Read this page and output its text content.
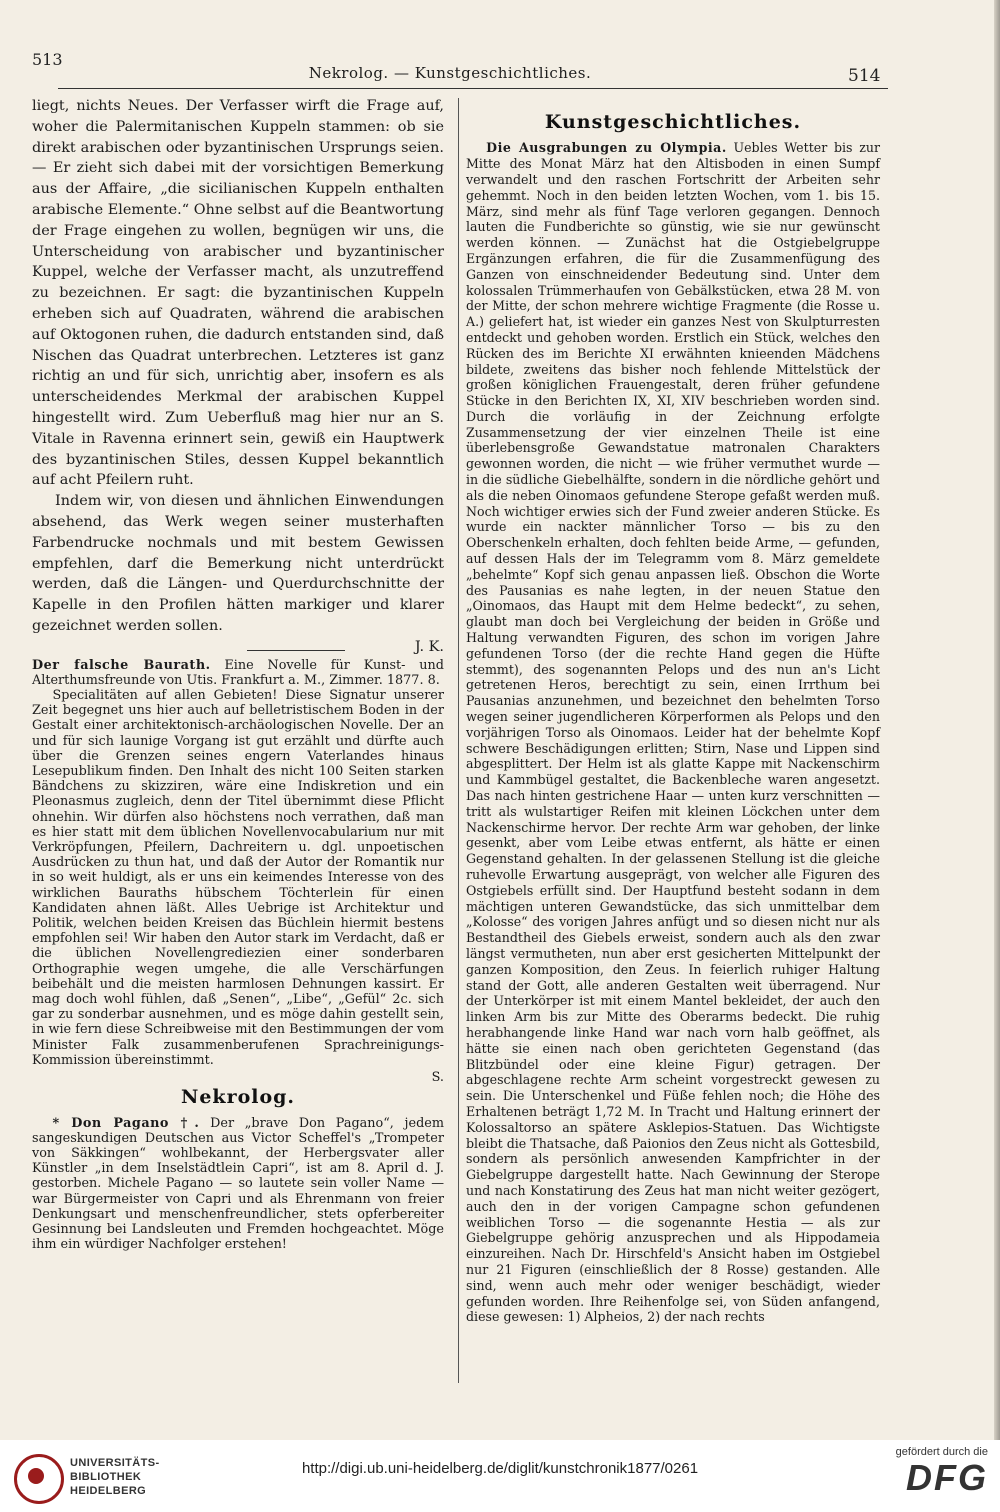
513
Nekrolog. — Kunstgeschichtliches.	514

liegt, nichts Neues. Der Verfasser wirft die Frage auf, woher die Palermitanischen Kuppeln stammen: ob sie direkt arabischen oder byzantinischen Ursprungs seien. — Er zieht sich dabei mit der vorsichtigen Bemerkung aus der Affaire, „die sicilianischen Kuppeln enthalten arabische Elemente.“ Ohne selbst auf die Beantwortung der Frage eingehen zu wollen, begnügen wir uns, die Unterscheidung von arabischer und byzantinischer Kuppel, welche der Verfasser macht, als unzutreffend zu bezeichnen. Er sagt: die byzantinischen Kuppeln erheben sich auf Quadraten, während die arabischen auf Oktogonen ruhen, die dadurch entstanden sind, daß Nischen das Quadrat unterbrechen. Letzteres ist ganz richtig an und für sich, unrichtig aber, insofern es als unterscheidendes Merkmal der arabischen Kuppel hingestellt wird. Zum Ueberfluß mag hier nur an S. Vitale in Ravenna erinnert sein, gewiß ein Hauptwerk des byzantinischen Stiles, dessen Kuppel bekanntlich auf acht Pfeilern ruht.

Indem wir, von diesen und ähnlichen Einwendungen absehend, das Werk wegen seiner musterhaften Farbendrucke nochmals und mit bestem Gewissen empfehlen, darf die Bemerkung nicht unterdrückt werden, daß die Längen- und Querdurchschnitte der Kapelle in den Profilen hätten markiger und klarer gezeichnet werden sollen.

J. K.

Der falsche Baurath. Eine Novelle für Kunst- und Alterthumsfreunde von Utis. Frankfurt a. M., Zimmer. 1877. 8.

Specialitäten auf allen Gebieten! Diese Signatur unserer Zeit begegnet uns hier auch auf belletristischem Boden in der Gestalt einer architektonisch-archäologischen Novelle. Der an und für sich launige Vorgang ist gut erzählt und dürfte auch über die Grenzen seines engern Vaterlandes hinaus Lesepublikum finden. Den Inhalt des nicht 100 Seiten starken Bändchens zu skizziren, wäre eine Indiskretion und ein Pleonasmus zugleich, denn der Titel übernimmt diese Pflicht ohnehin. Wir dürfen also höchstens noch verrathen, daß man es hier statt mit dem üblichen Novellenvocabularium nur mit Verkröpfungen, Pfeilern, Dachreitern u. dgl. unpoetischen Ausdrücken zu thun hat, und daß der Autor der Romantik nur in so weit huldigt, als er uns ein keimendes Interesse von des wirklichen Bauraths hübschem Töchterlein für einen Kandidaten ahnen läßt. Alles Uebrige ist Architektur und Politik, welchen beiden Kreisen das Büchlein hiermit bestens empfohlen sei! Wir haben den Autor stark im Verdacht, daß er die üblichen Novellengrediezien einer sonderbaren Orthographie wegen umgehe, die alle Verschärfungen beibehält und die meisten harmlosen Dehnungen kassirt. Er mag doch wohl fühlen, daß „Senen“, „Libe“, „Gefül“ 2c. sich gar zu sonderbar ausnehmen, und es möge dahin gestellt sein, in wie fern diese Schreibweise mit den Bestimmungen der vom Minister Falk zusammenberufenen Sprachreinigungs-Kommission übereinstimmt.

S.
Nekrolog.

* Don Pagano †. Der „brave Don Pagano“, jedem sangeskundigen Deutschen aus Victor Scheffel's „Trompeter von Säkkingen“ wohlbekannt, der Herbergsvater aller Künstler „in dem Inselstädtlein Capri“, ist am 8. April d. J. gestorben. Michele Pagano — so lautete sein voller Name — war Bürgermeister von Capri und als Ehrenmann von freier Denkungsart und menschenfreundlicher, stets opferbereiter Gesinnung bei Landsleuten und Fremden hochgeachtet. Möge ihm ein würdiger Nachfolger erstehen!

Kunstgeschichtliches.

Die Ausgrabungen zu Olympia. Uebles Wetter bis zur Mitte des Monat März hat den Altisboden in einen Sumpf verwandelt und den raschen Fortschritt der Arbeiten sehr gehemmt. Noch in den beiden letzten Wochen, vom 1. bis 15. März, sind mehr als fünf Tage verloren gegangen. Dennoch lauten die Fundberichte so günstig, wie sie nur gewünscht werden können. — Zunächst hat die Ostgiebelgruppe Ergänzungen erfahren, die für die Zusammenfügung des Ganzen von einschneidender Bedeutung sind. Unter dem kolossalen Trümmerhaufen von Gebälkstücken, etwa 28 M. von der Mitte, der schon mehrere wichtige Fragmente (die Rosse u. A.) geliefert hat, ist wieder ein ganzes Nest von Skulpturresten entdeckt und gehoben worden. Erstlich ein Stück, welches den Rücken des im Berichte XI erwähnten knieenden Mädchens bildete, zweitens das bisher noch fehlende Mittelstück der großen königlichen Frauengestalt, deren früher gefundene Stücke in den Berichten IX, XI, XIV beschrieben worden sind. Durch die vorläufig in der Zeichnung erfolgte Zusammensetzung der vier einzelnen Theile ist eine überlebensgroße Gewandstatue matronalen Charakters gewonnen worden, die nicht — wie früher vermuthet wurde — in die südliche Giebelhälfte, sondern in die nördliche gehört und als die neben Oinomaos gefundene Sterope gefaßt werden muß. Noch wichtiger erwies sich der Fund zweier anderen Stücke. Es wurde ein nackter männlicher Torso — bis zu den Oberschenkeln erhalten, doch fehlten beide Arme, — gefunden, auf dessen Hals der im Telegramm vom 8. März gemeldete „behelmte“ Kopf sich genau anpassen ließ. Obschon die Worte des Pausanias es nahe legten, in der neuen Statue den „Oinomaos, das Haupt mit dem Helme bedeckt“, zu sehen, glaubt man doch bei Vergleichung der beiden in Größe und Haltung verwandten Figuren, des schon im vorigen Jahre gefundenen Torso (der die rechte Hand gegen die Hüfte stemmt), des sogenannten Pelops und des nun an's Licht getretenen Heros, berechtigt zu sein, einen Irrthum bei Pausanias anzunehmen, und bezeichnet den behelmten Torso wegen seiner jugendlicheren Körperformen als Pelops und den vorjährigen Torso als Oinomaos. Leider hat der behelmte Kopf schwere Beschädigungen erlitten; Stirn, Nase und Lippen sind abgesplittert. Der Helm ist als glatte Kappe mit Nackenschirm und Kammbügel gestaltet, die Backenbleche waren angesetzt. Das nach hinten gestrichene Haar — unten kurz verschnitten — tritt als wulstartiger Reifen mit kleinen Löckchen unter dem Nackenschirme hervor. Der rechte Arm war gehoben, der linke gesenkt, aber vom Leibe etwas entfernt, als hätte er einen Gegenstand gehalten. In der gelassenen Stellung ist die gleiche ruhevolle Erwartung ausgeprägt, von welcher alle Figuren des Ostgiebels erfüllt sind. Der Hauptfund besteht sodann in dem mächtigen unteren Gewandstücke, das sich unmittelbar dem „Kolosse“ des vorigen Jahres anfügt und so diesen nicht nur als Bestandtheil des Giebels erweist, sondern auch als den zwar längst vermutheten, nun aber erst gesicherten Mittelpunkt der ganzen Komposition, den Zeus. In feierlich ruhiger Haltung stand der Gott, alle anderen Gestalten weit überragend. Nur der Unterkörper ist mit einem Mantel bekleidet, der auch den linken Arm bis zur Mitte des Oberarms bedeckt. Die ruhig herabhangende linke Hand war nach vorn halb geöffnet, als hätte sie einen nach oben gerichteten Gegenstand (das Blitzbündel oder eine kleine Figur) getragen. Der abgeschlagene rechte Arm scheint vorgestreckt gewesen zu sein. Die Unterschenkel und Füße fehlen noch; die Höhe des Erhaltenen beträgt 1,72 M. In Tracht und Haltung erinnert der Kolossaltorso an spätere Asklepios-Statuen. Das Wichtigste bleibt die Thatsache, daß Paionios den Zeus nicht als Gottesbild, sondern als persönlich anwesenden Kampfrichter in der Giebelgruppe dargestellt hatte. Nach Gewinnung der Sterope und nach Konstatirung des Zeus hat man nicht weiter gezögert, auch den in der vorigen Campagne schon gefundenen weiblichen Torso — die sogenannte Hestia — als zur Giebelgruppe gehörig anzusprechen und als Hippodameia einzureihen. Nach Dr. Hirschfeld's Ansicht haben im Ostgiebel nur 21 Figuren (einschließlich der 8 Rosse) gestanden. Alle sind, wenn auch mehr oder weniger beschädigt, wieder gefunden worden. Ihre Reihenfolge sei, von Süden anfangend, diese gewesen: 1) Alpheios, 2) der nach rechts

UNIVERSITÄTS-
BIBLIOTHEK
HEIDELBERG
http://digi.ub.uni-heidelberg.de/diglit/kunstchronik1877/0261
gefördert durch die
DFG
